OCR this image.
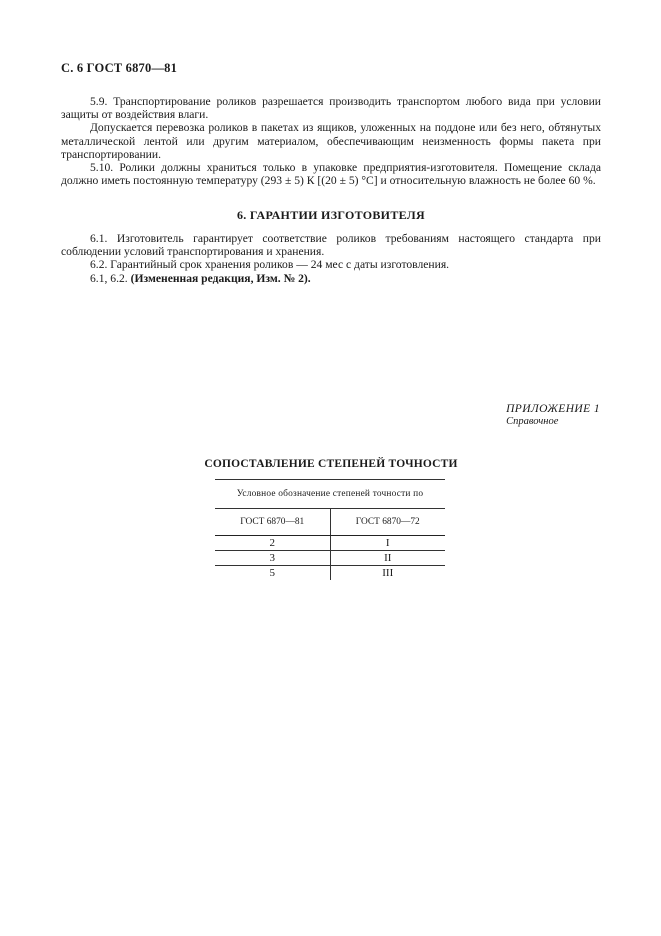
С. 6 ГОСТ 6870—81

5.9. Транспортирование роликов разрешается производить транспортом любого вида при условии защиты от воздействия влаги.

Допускается перевозка роликов в пакетах из ящиков, уложенных на поддоне или без него, обтянутых металлической лентой или другим материалом, обеспечивающим неизменность формы пакета при транспортировании.

5.10. Ролики должны храниться только в упаковке предприятия-изготовителя. Помещение склада должно иметь постоянную температуру (293 ± 5) К [(20 ± 5) °С] и относительную влажность не более 60 %.

6. ГАРАНТИИ ИЗГОТОВИТЕЛЯ

6.1. Изготовитель гарантирует соответствие роликов требованиям настоящего стандарта при соблюдении условий транспортирования и хранения.

6.2. Гарантийный срок хранения роликов — 24 мес с даты изготовления.

6.1, 6.2. (Измененная редакция, Изм. № 2).

ПРИЛОЖЕНИЕ 1
Справочное
СОПОСТАВЛЕНИЕ СТЕПЕНЕЙ ТОЧНОСТИ
Условное обозначение степеней точности по	
ГОСТ 6870—81	ГОСТ 6870—72
2	I
3	II
5	III
